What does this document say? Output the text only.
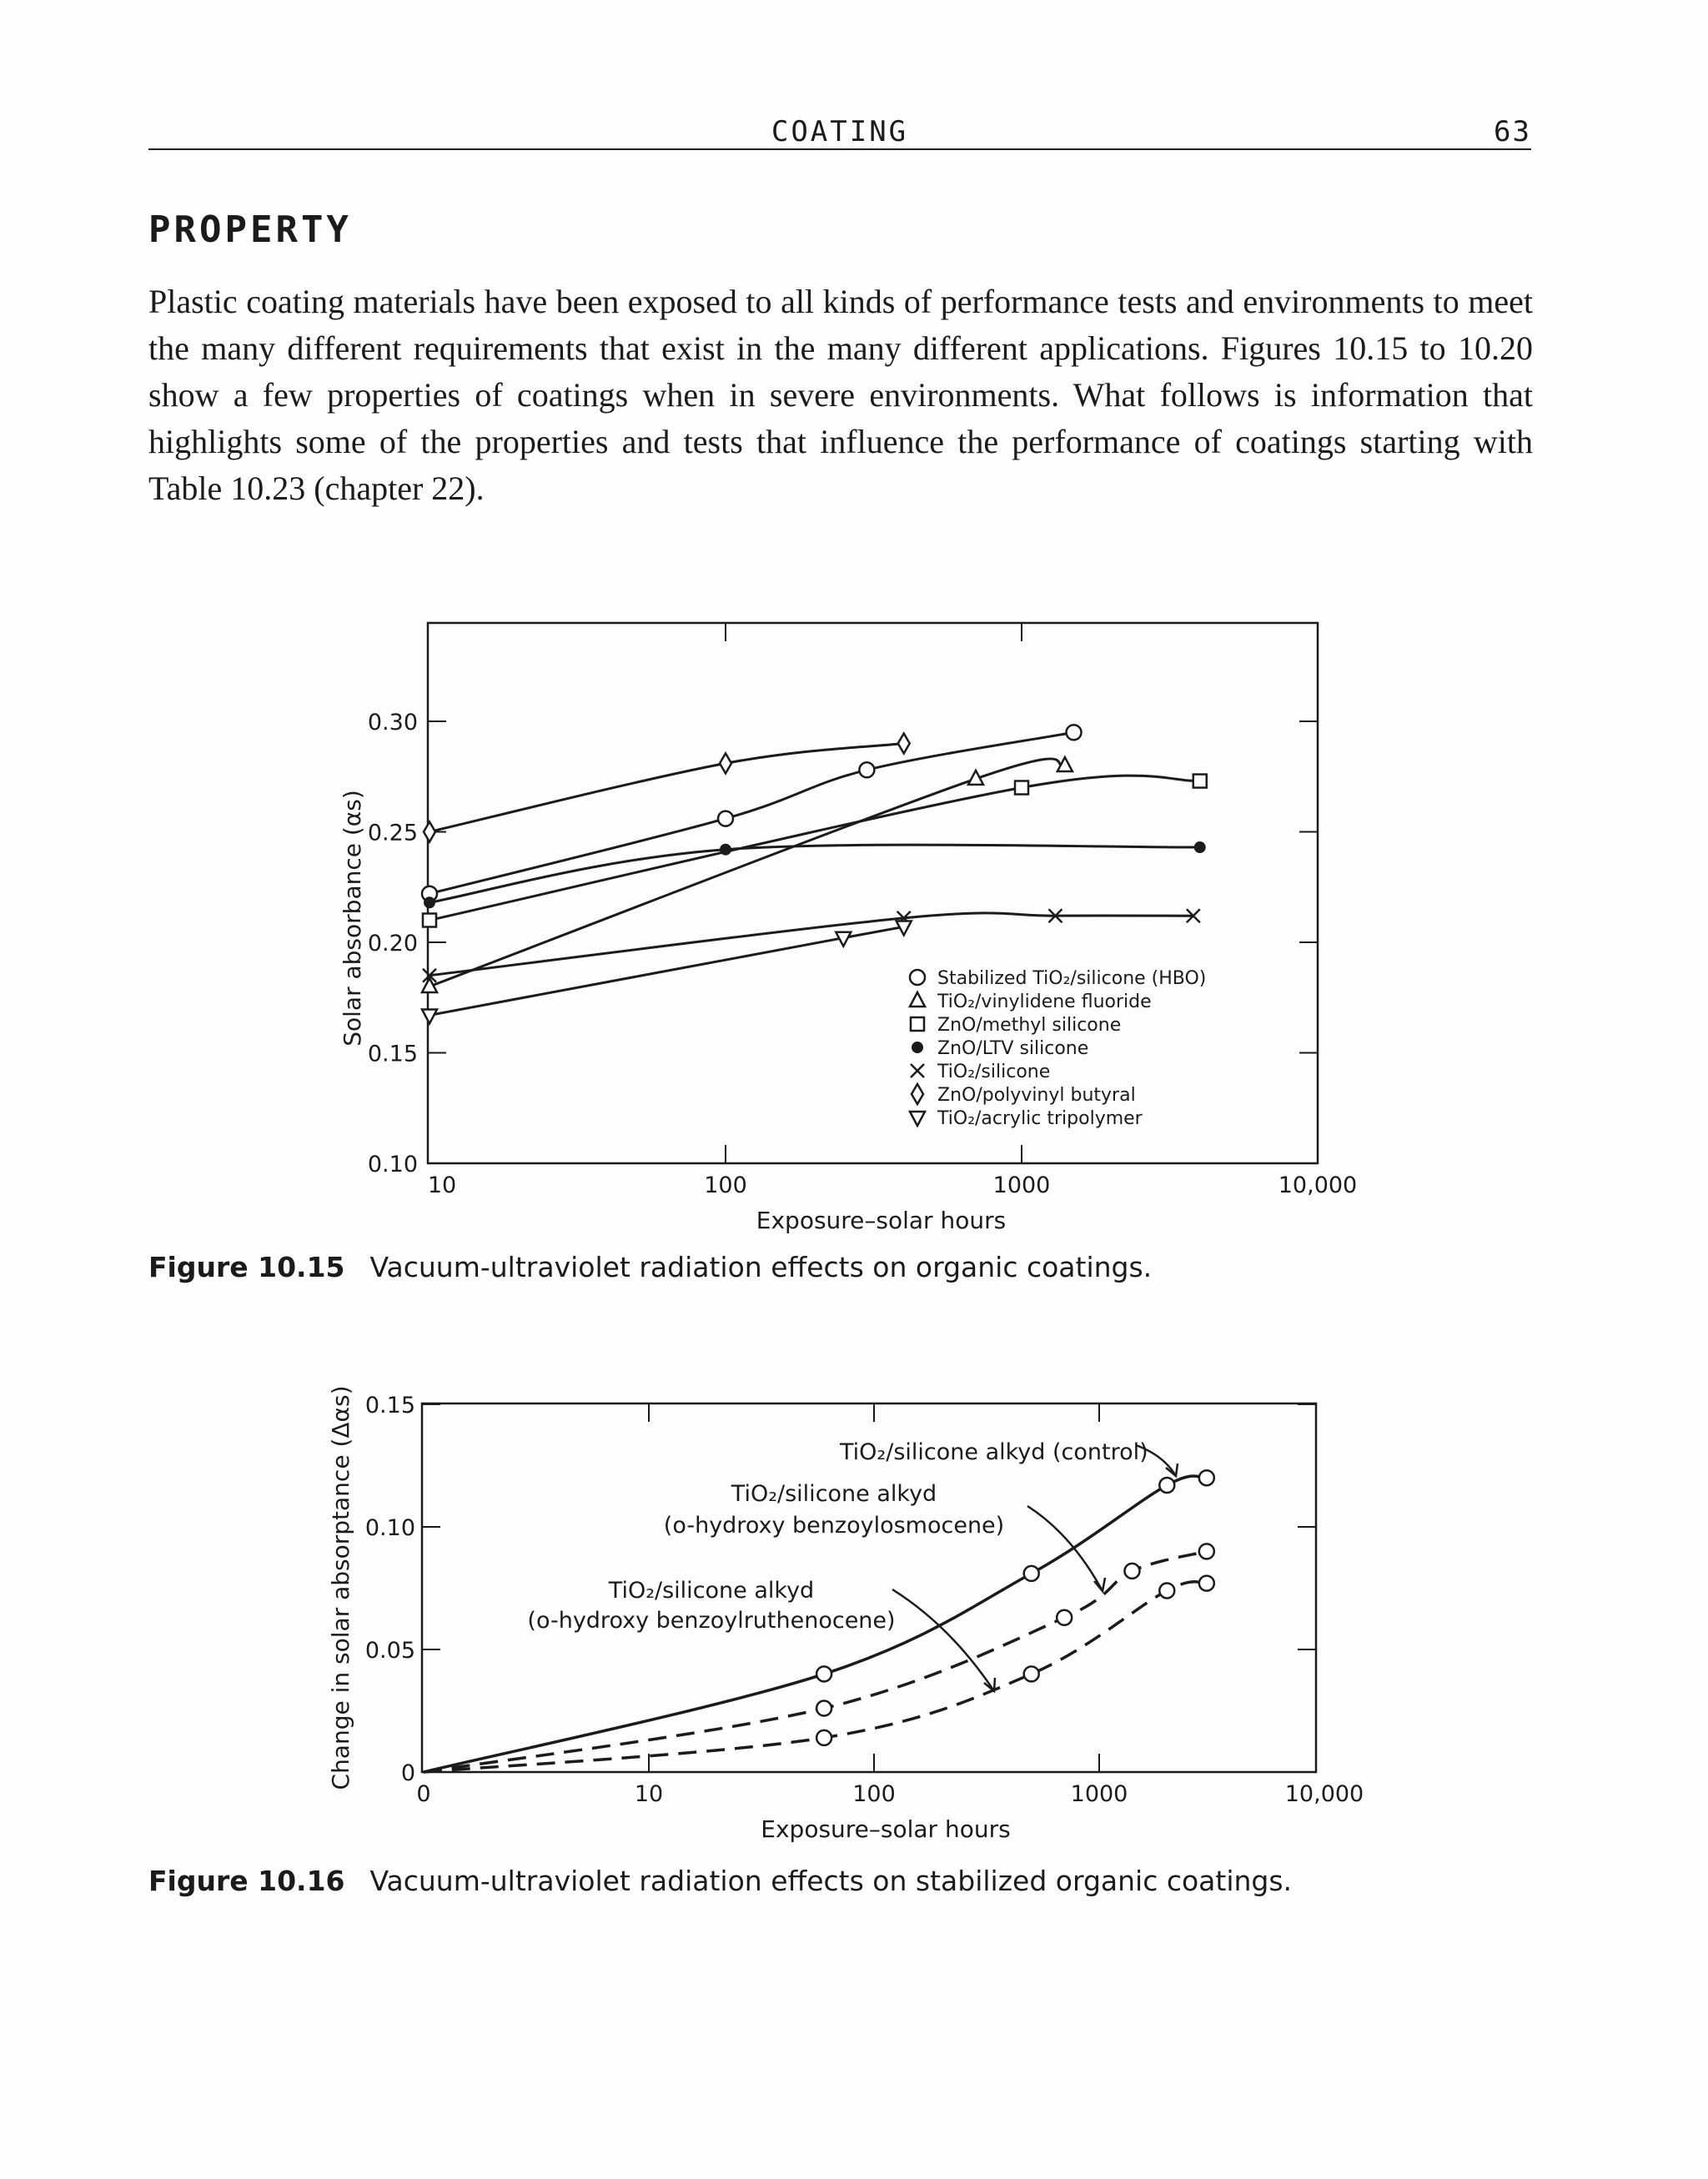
COATING	63
PROPERTY
Plastic coating materials have been exposed to all kinds of performance tests and environments to meet the many different requirements that exist in the many different applications. Figures 10.15 to 10.20 show a few properties of coatings when in severe environments. What follows is information that highlights some of the properties and tests that influence the performance of coatings starting with Table 10.23 (chapter 22).
0.10
0.15
0.20
0.25
0.30
10	100	1000	10,000
Exposure–solar hours
Solar absorbance (αs)	Stabilized TiO₂/silicone (HBO)
TiO₂/vinylidene fluoride
ZnO/methyl silicone
ZnO/LTV silicone
TiO₂/silicone
ZnO/polyvinyl butyral
TiO₂/acrylic tripolymer
Figure 10.15 Vacuum-ultraviolet radiation effects on organic coatings.
0
0.05
0.10
0.15
0	10	100	1000	10,000
Exposure–solar hours
Change in solar absorptance (Δαs)	TiO₂/silicone alkyd (control)
TiO₂/silicone alkyd
(o-hydroxy benzoylosmocene)
TiO₂/silicone alkyd
(o-hydroxy benzoylruthenocene)
Figure 10.16 Vacuum-ultraviolet radiation effects on stabilized organic coatings.
